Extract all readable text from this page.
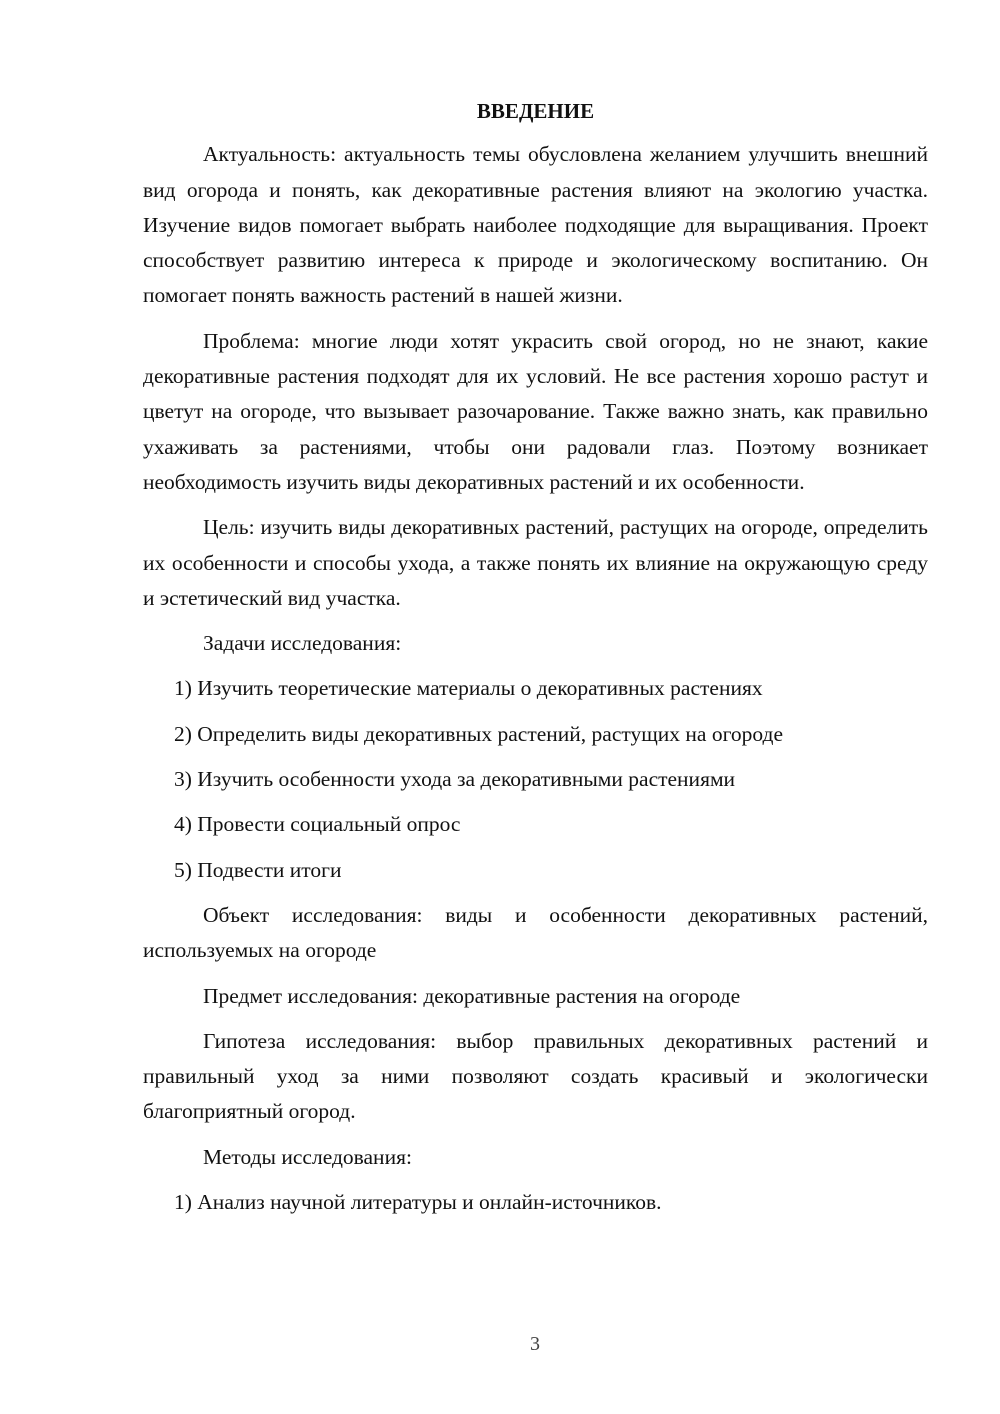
ВВЕДЕНИЕ

Актуальность: актуальность темы обусловлена желанием улучшить внешний вид огорода и понять, как декоративные растения влияют на экологию участка. Изучение видов помогает выбрать наиболее подходящие для выращивания. Проект способствует развитию интереса к природе и экологическому воспитанию. Он помогает понять важность растений в нашей жизни.

Проблема: многие люди хотят украсить свой огород, но не знают, какие декоративные растения подходят для их условий. Не все растения хорошо растут и цветут на огороде, что вызывает разочарование. Также важно знать, как правильно ухаживать за растениями, чтобы они радовали глаз. Поэтому возникает необходимость изучить виды декоративных растений и их особенности.

Цель: изучить виды декоративных растений, растущих на огороде, определить их особенности и способы ухода, а также понять их влияние на окружающую среду и эстетический вид участка.

Задачи исследования:

1) Изучить теоретические материалы о декоративных растениях
2) Определить виды декоративных растений, растущих на огороде
3) Изучить особенности ухода за декоративными растениями
4) Провести социальный опрос
5) Подвести итоги

Объект исследования: виды и особенности декоративных растений, используемых на огороде

Предмет исследования: декоративные растения на огороде

Гипотеза исследования: выбор правильных декоративных растений и правильный уход за ними позволяют создать красивый и экологически благоприятный огород.

Методы исследования:

1) Анализ научной литературы и онлайн-источников.
3
